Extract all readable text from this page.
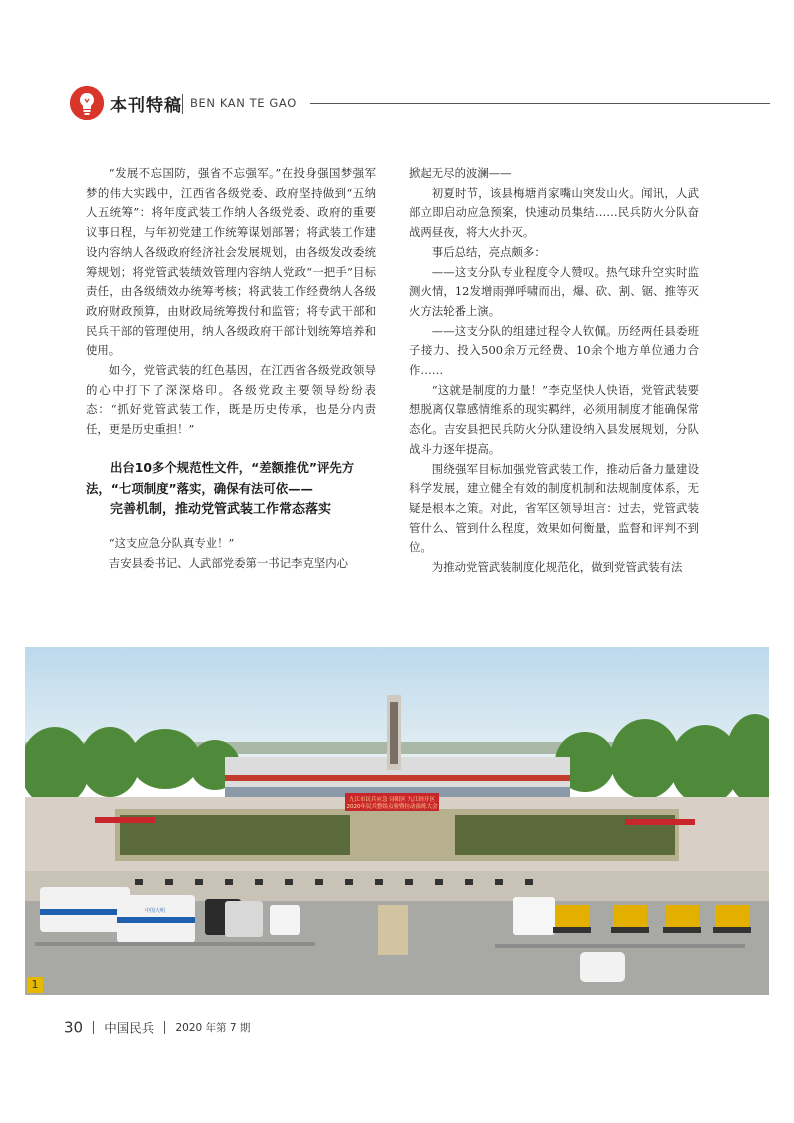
本刊特稿 BEN KAN TE GAO

“发展不忘国防，强省不忘强军。”在投身强国梦强军梦的伟大实践中，江西省各级党委、政府坚持做到“五纳人五统筹”：将年度武装工作纳人各级党委、政府的重要议事日程，与年初党建工作统筹谋划部署；将武装工作建设内容纳人各级政府经济社会发展规划，由各级发改委统筹规划；将党管武装绩效管理内容纳人党政“一把手”目标责任，由各级绩效办统筹考核；将武装工作经费纳人各级政府财政预算，由财政局统筹拨付和监管；将专武干部和民兵干部的管理使用，纳人各级政府干部计划统筹培养和使用。

如今，党管武装的红色基因，在江西省各级党政领导的心中打下了深深烙印。各级党政主要领导纷纷表态：“抓好党管武装工作，既是历史传承，也是分内责任，更是历史重担！”

出台10多个规范性文件，“差额推优”评先方
法，“七项制度”落实，确保有法可依——
完善机制，推动党管武装工作常态落实

“这支应急分队真专业！”

吉安县委书记、人武部党委第一书记李克坚内心

掀起无尽的波澜——

初夏时节，该县梅塘肖家嘴山突发山火。闻讯，人武部立即启动应急预案，快速动员集结……民兵防火分队奋战两昼夜，将大火扑灭。

事后总结，亮点颇多：

——这支分队专业程度令人赞叹。热气球升空实时监测火情，12发增雨弹呼啸而出，爆、砍、割、锯、推等灭火方法轮番上演。

——这支分队的组建过程令人钦佩。历经两任县委班子接力、投入500余万元经费、10余个地方单位通力合作……

“这就是制度的力量！”李克坚快人快语，党管武装要想脱离仅靠感情维系的现实羁绊，必须用制度才能确保常态化。吉安县把民兵防火分队建设纳入县发展规划，分队战斗力逐年提高。

围绕强军目标加强党管武装工作，推动后备力量建设科学发展，建立健全有效的制度机制和法规制度体系，无疑是根本之策。对此，省军区领导坦言：过去，党管武装管什么、管到什么程度，效果如何衡量，监督和评判不到位。

为推动党管武装制度化规范化，做到党管武装有法

九江市民兵应急 浔阳区 九江经开区
2020年民兵整组点验暨拉动演练大会
中国大明
1
30 中国民兵 2020 年第 7 期
